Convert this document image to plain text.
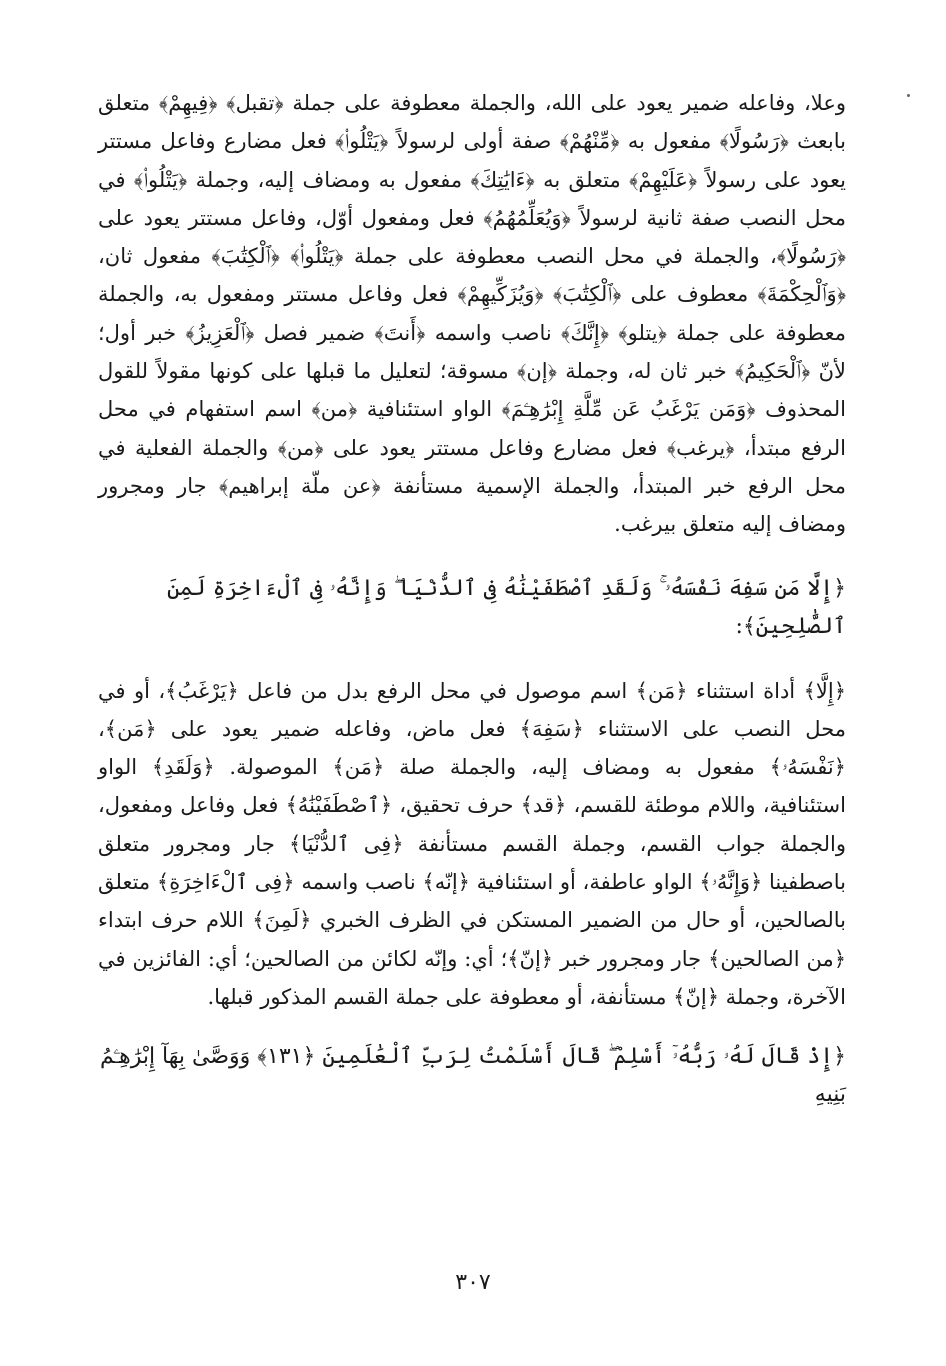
وعلا، وفاعله ضمير يعود على الله، والجملة معطوفة على جملة ﴿تقبل﴾ ﴿فِيهِمْ﴾ متعلق بابعث ﴿رَسُولًا﴾ مفعول به ﴿مِّنْهُمْ﴾ صفة أولى لرسولاً ﴿يَتْلُوا۟﴾ فعل مضارع وفاعل مستتر يعود على رسولاً ﴿عَلَيْهِمْ﴾ متعلق به ﴿ءَايَٰتِكَ﴾ مفعول به ومضاف إليه، وجملة ﴿يَتْلُوا۟﴾ في محل النصب صفة ثانية لرسولاً ﴿وَيُعَلِّمُهُمُ﴾ فعل ومفعول أوّل، وفاعل مستتر يعود على ﴿رَسُولًا﴾، والجملة في محل النصب معطوفة على جملة ﴿يَتْلُوا۟﴾ ﴿ٱلْكِتَٰبَ﴾ مفعول ثان، ﴿وَٱلْحِكْمَةَ﴾ معطوف على ﴿ٱلْكِتَٰبَ﴾ ﴿وَيُزَكِّيهِمْ﴾ فعل وفاعل مستتر ومفعول به، والجملة معطوفة على جملة ﴿يتلو﴾ ﴿إِنَّكَ﴾ ناصب واسمه ﴿أَنتَ﴾ ضمير فصل ﴿ٱلْعَزِيزُ﴾ خبر أول؛ لأنّ ﴿ٱلْحَكِيمُ﴾ خبر ثان له، وجملة ﴿إن﴾ مسوقة؛ لتعليل ما قبلها على كونها مقولاً للقول المحذوف ﴿وَمَن يَرْغَبُ عَن مِّلَّةِ إِبْرَٰهِـۧمَ﴾ الواو استئنافية ﴿من﴾ اسم استفهام في محل الرفع مبتدأ، ﴿يرغب﴾ فعل مضارع وفاعل مستتر يعود على ﴿من﴾ والجملة الفعلية في محل الرفع خبر المبتدأ، والجملة الإسمية مستأنفة ﴿عن ملّة إبراهيم﴾ جار ومجرور ومضاف إليه متعلق بيرغب.

﴿إِلَّا مَن سَفِهَ نَفْسَهُۥ ۚ وَلَقَدِ ٱصْطَفَيْنَٰهُ فِى ٱلدُّنْيَا ۖ وَإِنَّهُۥ فِى ٱلْءَاخِرَةِ لَمِنَ ٱلصَّٰلِحِينَ﴾:

﴿إِلَّا﴾ أداة استثناء ﴿مَن﴾ اسم موصول في محل الرفع بدل من فاعل ﴿يَرْغَبُ﴾، أو في محل النصب على الاستثناء ﴿سَفِهَ﴾ فعل ماض، وفاعله ضمير يعود على ﴿مَن﴾، ﴿نَفْسَهُۥ﴾ مفعول به ومضاف إليه، والجملة صلة ﴿مَن﴾ الموصولة. ﴿وَلَقَدِ﴾ الواو استئنافية، واللام موطئة للقسم، ﴿قد﴾ حرف تحقيق، ﴿ٱصْطَفَيْنَٰهُ﴾ فعل وفاعل ومفعول، والجملة جواب القسم، وجملة القسم مستأنفة ﴿فِى ٱلدُّنْيَا﴾ جار ومجرور متعلق باصطفينا ﴿وَإِنَّهُۥ﴾ الواو عاطفة، أو استئنافية ﴿إنّه﴾ ناصب واسمه ﴿فِى ٱلْءَاخِرَةِ﴾ متعلق بالصالحين، أو حال من الضمير المستكن في الظرف الخبري ﴿لَمِنَ﴾ اللام حرف ابتداء ﴿من الصالحين﴾ جار ومجرور خبر ﴿إنّ﴾؛ أي: وإنّه لكائن من الصالحين؛ أي: الفائزين في الآخرة، وجملة ﴿إنّ﴾ مستأنفة، أو معطوفة على جملة القسم المذكور قبلها.

﴿إِذْ قَالَ لَهُۥ رَبُّهُۥٓ أَسْلِمْ ۖ قَالَ أَسْلَمْتُ لِرَبِّ ٱلْعَٰلَمِينَ ﴿١٣١﴾ وَوَصَّىٰ بِهَآ إِبْرَٰهِـۧمُ بَنِيهِ

٣٠٧
